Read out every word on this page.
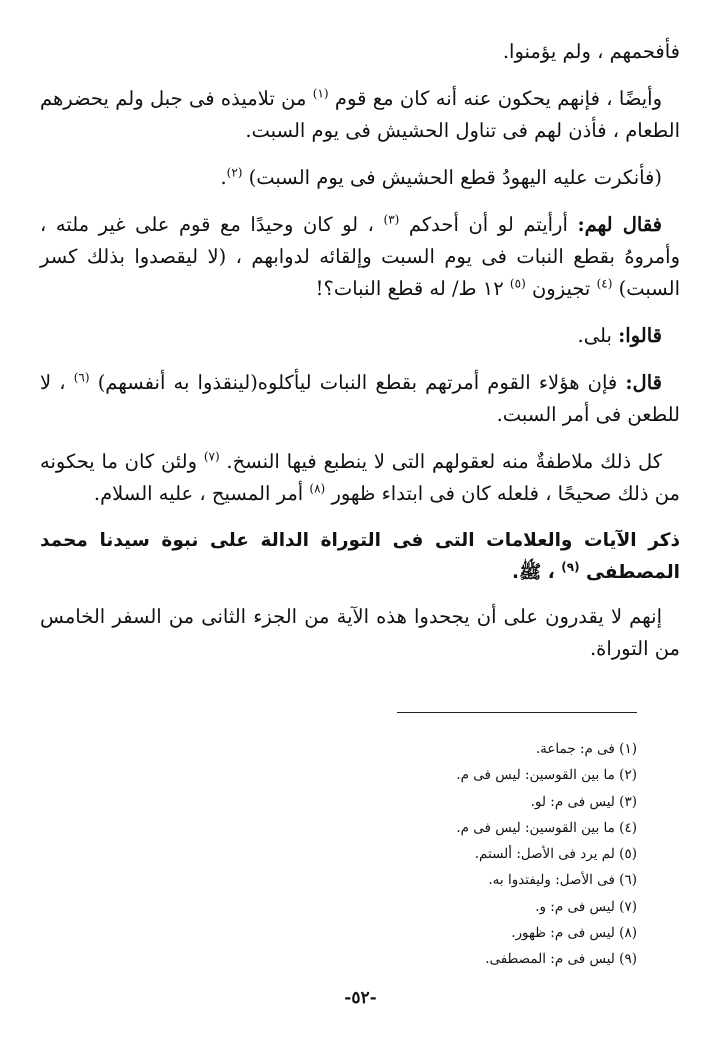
فأفحمهم ، ولم يؤمنوا.

وأيضًا ، فإنهم يحكون عنه أنه كان مع قوم $^{(١)}$ من تلاميذه فى جبل ولم يحضرهم الطعام ، فأذن لهم فى تناول الحشيش فى يوم السبت.

(فأنكرت عليه اليهودُ قطع الحشيش فى يوم السبت) $^{(٢)}$.

فقال لهم: أرأيتم لو أن أحدكم $^{(٣)}$ ، لو كان وحيدًا مع قوم على غير ملته ، وأمروهُ بقطع النبات فى يوم السبت وإلقائه لدوابهم ، (لا ليقصدوا بذلك كسر السبت) $^{(٤)}$ تجيزون $^{(٥)}$ ١٢ ط/ له قطع النبات؟!

قالوا: بلى.

قال: فإن هؤلاء القوم أمرتهم بقطع النبات ليأكلوه(لينقذوا به أنفسهم) $^{(٦)}$ ، لا للطعن فى أمر السبت.

كل ذلك ملاطفةٌ منه لعقولهم التى لا ينطبع فيها النسخ. $^{(٧)}$ ولئن كان ما يحكونه من ذلك صحيحًا ، فلعله كان فى ابتداء ظهور $^{(٨)}$ أمر المسيح ، عليه السلام.

ذكر الآيات والعلامات التى فى التوراة الدالة على نبوة سيدنا محمد المصطفى $^{(٩)}$ ، ﷺ.

إنهم لا يقدرون على أن يجحدوا هذه الآية من الجزء الثانى من السفر الخامس من التوراة.

(١) فى م: جماعة.
(٢) ما بين القوسين: ليس فى م.
(٣) ليس فى م: لو.
(٤) ما بين القوسين: ليس فى م.
(٥) لم يرد فى الأصل: ألستم.
(٦) فى الأصل: وليفتدوا به.
(٧) ليس فى م: و.
(٨) ليس فى م: ظهور.
(٩) ليس فى م: المصطفى.
-٥٢-
